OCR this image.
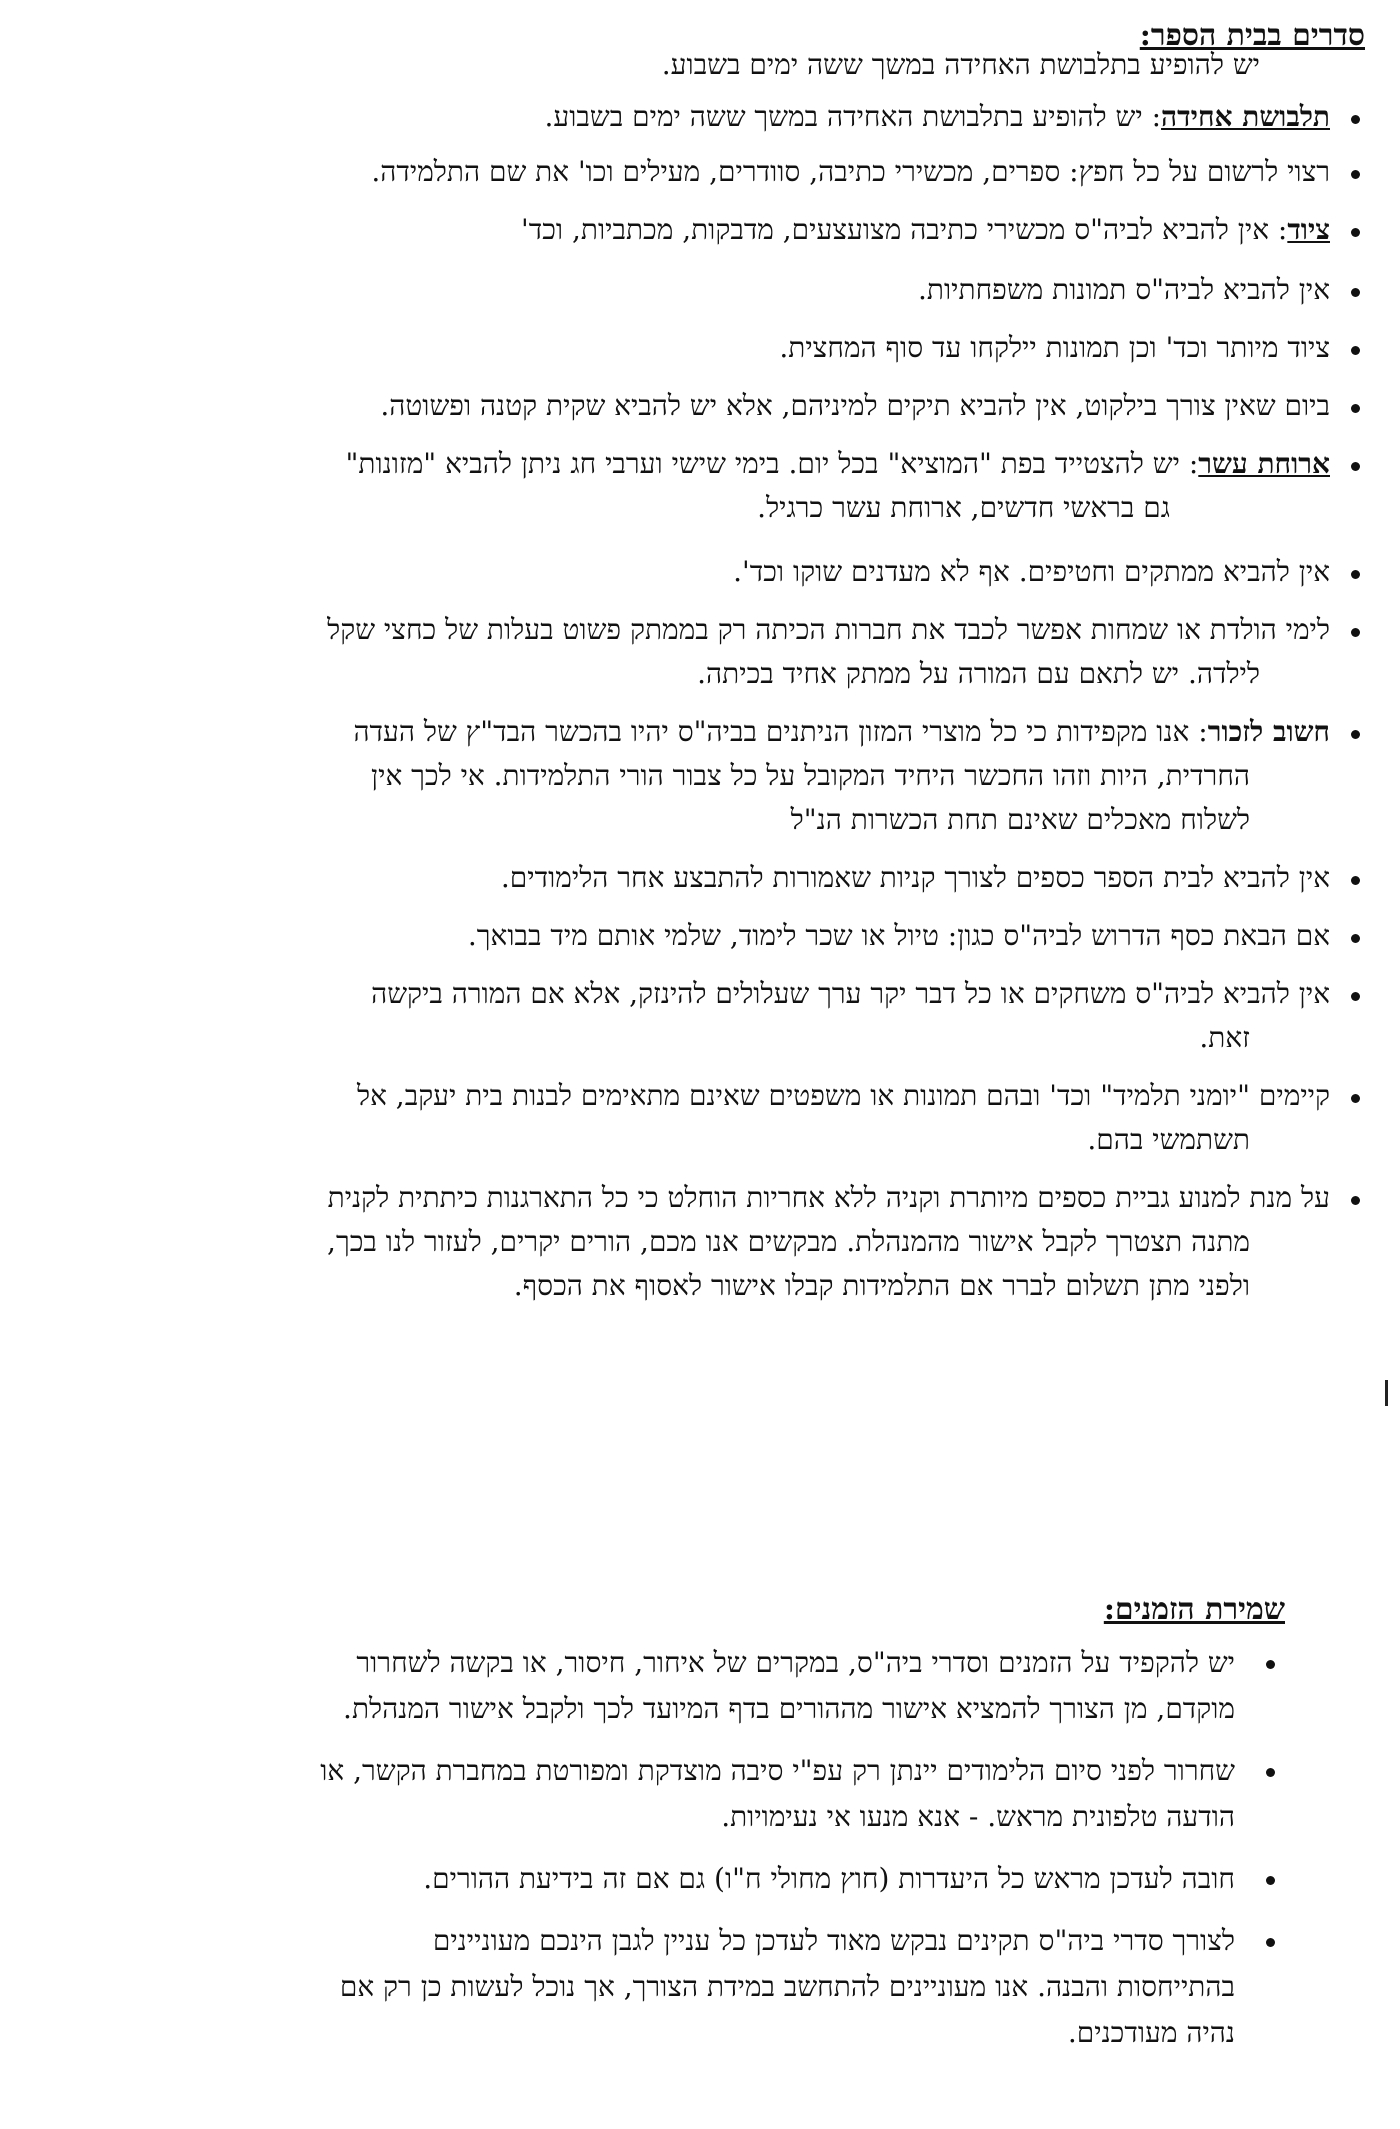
סדרים בבית הספר:

יש להופיע בתלבושת האחידה במשך ששה ימים בשבוע.

תלבושת אחידה: יש להופיע בתלבושת האחידה במשך ששה ימים בשבוע.
רצוי לרשום על כל חפץ: ספרים, מכשירי כתיבה, סוודרים, מעילים וכו' את שם התלמידה.
ציוד: אין להביא לביה"ס מכשירי כתיבה מצועצעים, מדבקות, מכתביות, וכד'
אין להביא לביה"ס תמונות משפחתיות.
ציוד מיותר וכד' וכן תמונות יילקחו עד סוף המחצית.
ביום שאין צורך בילקוט, אין להביא תיקים למיניהם, אלא יש להביא שקית קטנה ופשוטה.
ארוחת עשר: יש להצטייד בפת "המוציא" בכל יום. בימי שישי וערבי חג ניתן להביא "מזונות"
גם בראשי חדשים, ארוחת עשר כרגיל.
אין להביא ממתקים וחטיפים. אף לא מעדנים שוקו וכד'.
לימי הולדת או שמחות אפשר לכבד את חברות הכיתה רק בממתק פשוט בעלות של כחצי שקל
לילדה. יש לתאם עם המורה על ממתק אחיד בכיתה.
חשוב לזכור: אנו מקפידות כי כל מוצרי המזון הניתנים בביה"ס יהיו בהכשר הבד"ץ של העדה
החרדית, היות וזהו החכשר היחיד המקובל על כל צבור הורי התלמידות. אי לכך אין
לשלוח מאכלים שאינם תחת הכשרות הנ"ל
אין להביא לבית הספר כספים לצורך קניות שאמורות להתבצע אחר הלימודים.
אם הבאת כסף הדרוש לביה"ס כגון: טיול או שכר לימוד, שלמי אותם מיד בבואך.
אין להביא לביה"ס משחקים או כל דבר יקר ערך שעלולים להינזק, אלא אם המורה ביקשה
זאת.
קיימים "יומני תלמיד" וכד' ובהם תמונות או משפטים שאינם מתאימים לבנות בית יעקב, אל
תשתמשי בהם.
על מנת למנוע גביית כספים מיותרת וקניה ללא אחריות הוחלט כי כל התארגנות כיתתית לקנית
מתנה תצטרך לקבל אישור מהמנהלת. מבקשים אנו מכם, הורים יקרים, לעזור לנו בכך,
ולפני מתן תשלום לברר אם התלמידות קבלו אישור לאסוף את הכסף.

שמירת הזמנים:

יש להקפיד על הזמנים וסדרי ביה"ס, במקרים של איחור, חיסור, או בקשה לשחרור
מוקדם, מן הצורך להמציא אישור מההורים בדף המיועד לכך ולקבל אישור המנהלת.
שחרור לפני סיום הלימודים יינתן רק עפ"י סיבה מוצדקת ומפורטת במחברת הקשר, או
הודעה טלפונית מראש. - אנא מנעו אי נעימויות.
חובה לעדכן מראש כל היעדרות (חוץ מחולי ח"ו) גם אם זה בידיעת ההורים.
לצורך סדרי ביה"ס תקינים נבקש מאוד לעדכן כל עניין לגבן הינכם מעוניינים
בהתייחסות והבנה. אנו מעוניינים להתחשב במידת הצורך, אך נוכל לעשות כן רק אם
נהיה מעודכנים.
